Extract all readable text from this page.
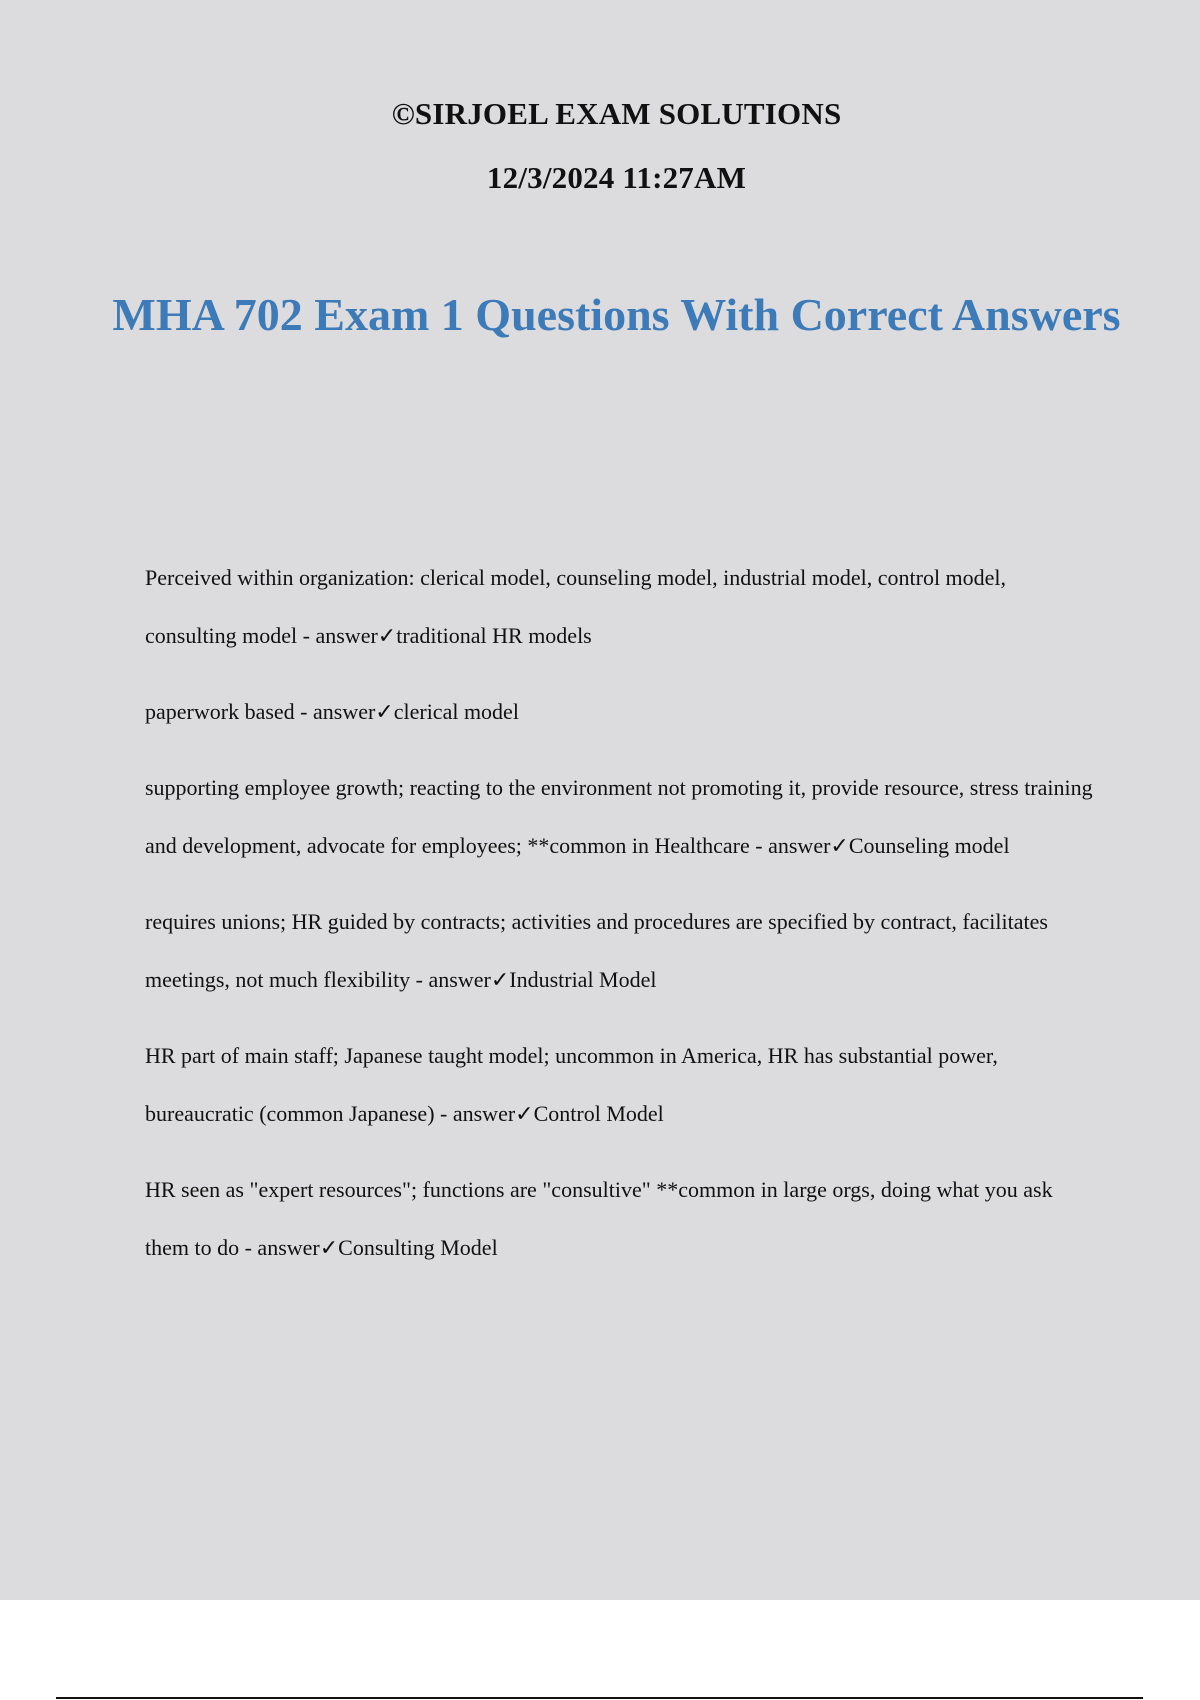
©SIRJOEL EXAM SOLUTIONS
12/3/2024 11:27AM
MHA 702 Exam 1 Questions With Correct Answers

Perceived within organization: clerical model, counseling model, industrial model, control model, consulting model - answer✓traditional HR models

paperwork based - answer✓clerical model

supporting employee growth; reacting to the environment not promoting it, provide resource, stress training and development, advocate for employees; **common in Healthcare - answer✓Counseling model

requires unions; HR guided by contracts; activities and procedures are specified by contract, facilitates meetings, not much flexibility - answer✓Industrial Model

HR part of main staff; Japanese taught model; uncommon in America, HR has substantial power, bureaucratic (common Japanese) - answer✓Control Model

HR seen as "expert resources"; functions are "consultive" **common in large orgs, doing what you ask them to do - answer✓Consulting Model
